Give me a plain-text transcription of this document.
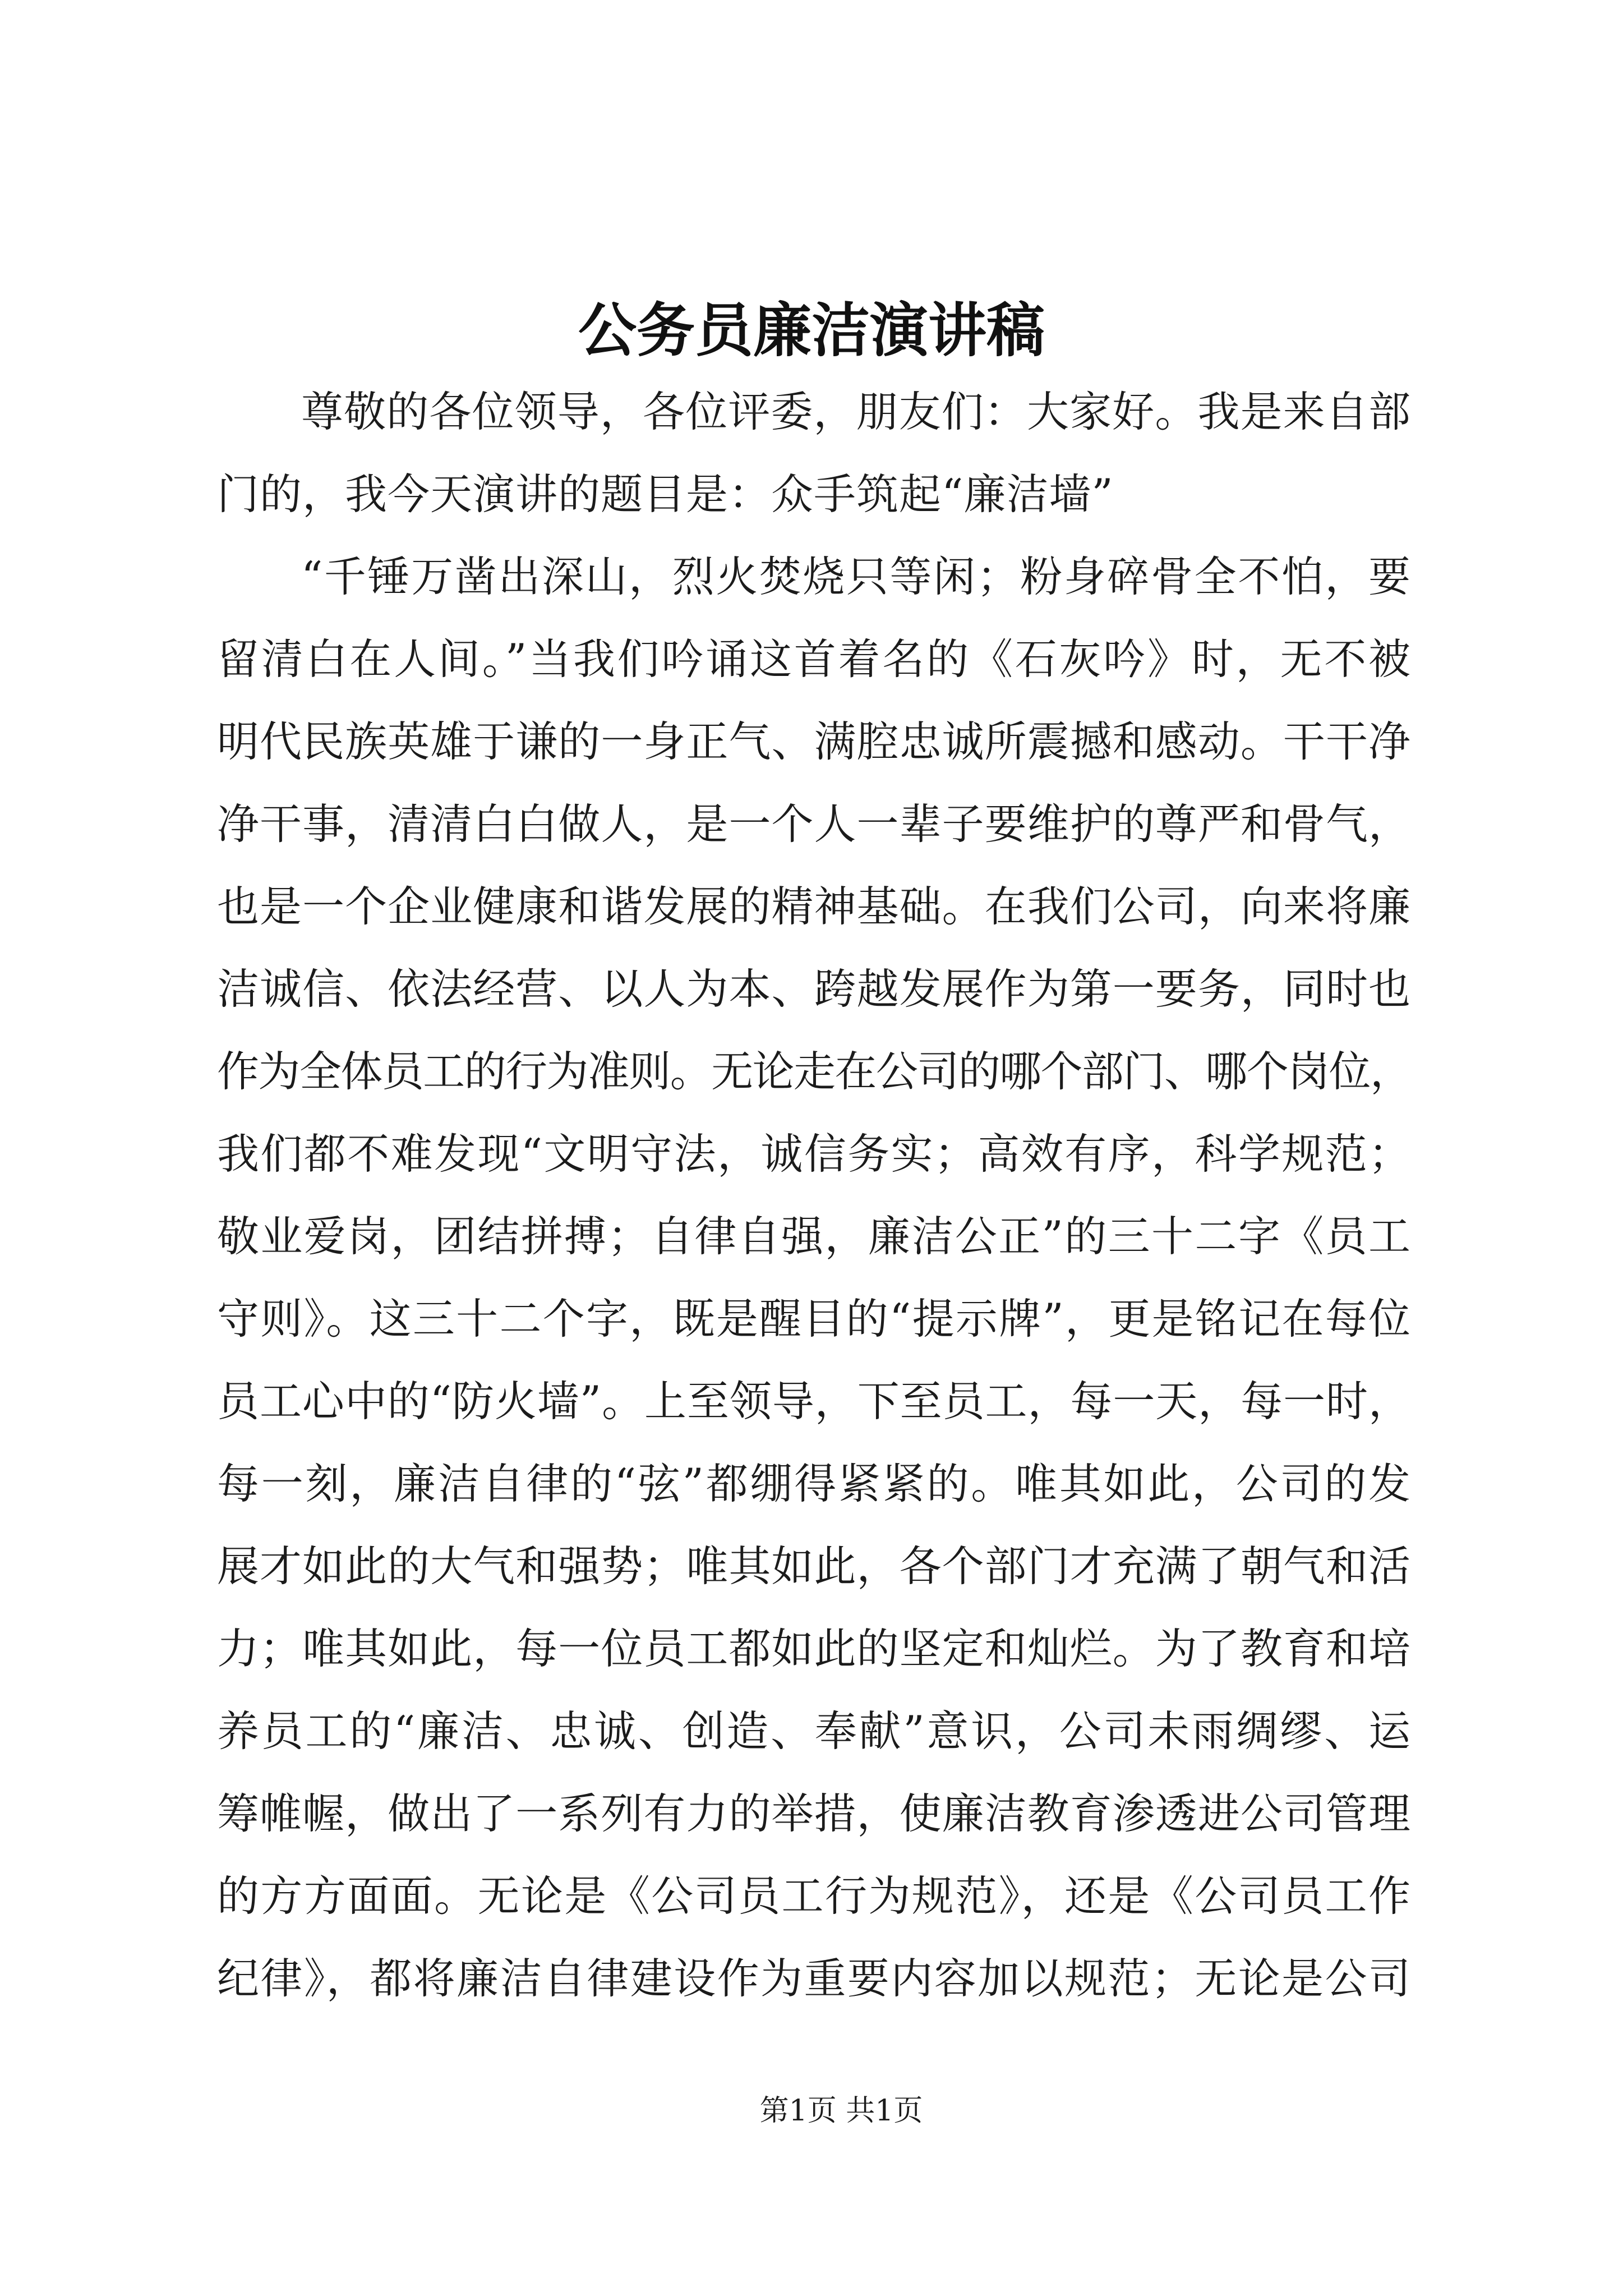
公务员廉洁演讲稿
尊敬的各位领导，各位评委，朋友们：大家好。我是来自部
门的，我今天演讲的题目是：众手筑起“廉洁墙”
“千锤万凿出深山，烈火焚烧只等闲；粉身碎骨全不怕，要
留清白在人间。”当我们吟诵这首着名的《石灰吟》时，无不被
明代民族英雄于谦的一身正气、满腔忠诚所震撼和感动。干干净
净干事，清清白白做人，是一个人一辈子要维护的尊严和骨气，
也是一个企业健康和谐发展的精神基础。在我们公司，向来将廉
洁诚信、依法经营、以人为本、跨越发展作为第一要务，同时也
作为全体员工的行为准则。无论走在公司的哪个部门、哪个岗位，
我们都不难发现“文明守法，诚信务实；高效有序，科学规范；
敬业爱岗，团结拼搏；自律自强，廉洁公正”的三十二字《员工
守则》。这三十二个字，既是醒目的“提示牌”，更是铭记在每位
员工心中的“防火墙”。上至领导，下至员工，每一天，每一时，
每一刻，廉洁自律的“弦”都绷得紧紧的。唯其如此，公司的发
展才如此的大气和强势；唯其如此，各个部门才充满了朝气和活
力；唯其如此，每一位员工都如此的坚定和灿烂。为了教育和培
养员工的“廉洁、忠诚、创造、奉献”意识，公司未雨绸缪、运
筹帷幄，做出了一系列有力的举措，使廉洁教育渗透进公司管理
的方方面面。无论是《公司员工行为规范》，还是《公司员工作
纪律》，都将廉洁自律建设作为重要内容加以规范；无论是公司
第1页 共1页
